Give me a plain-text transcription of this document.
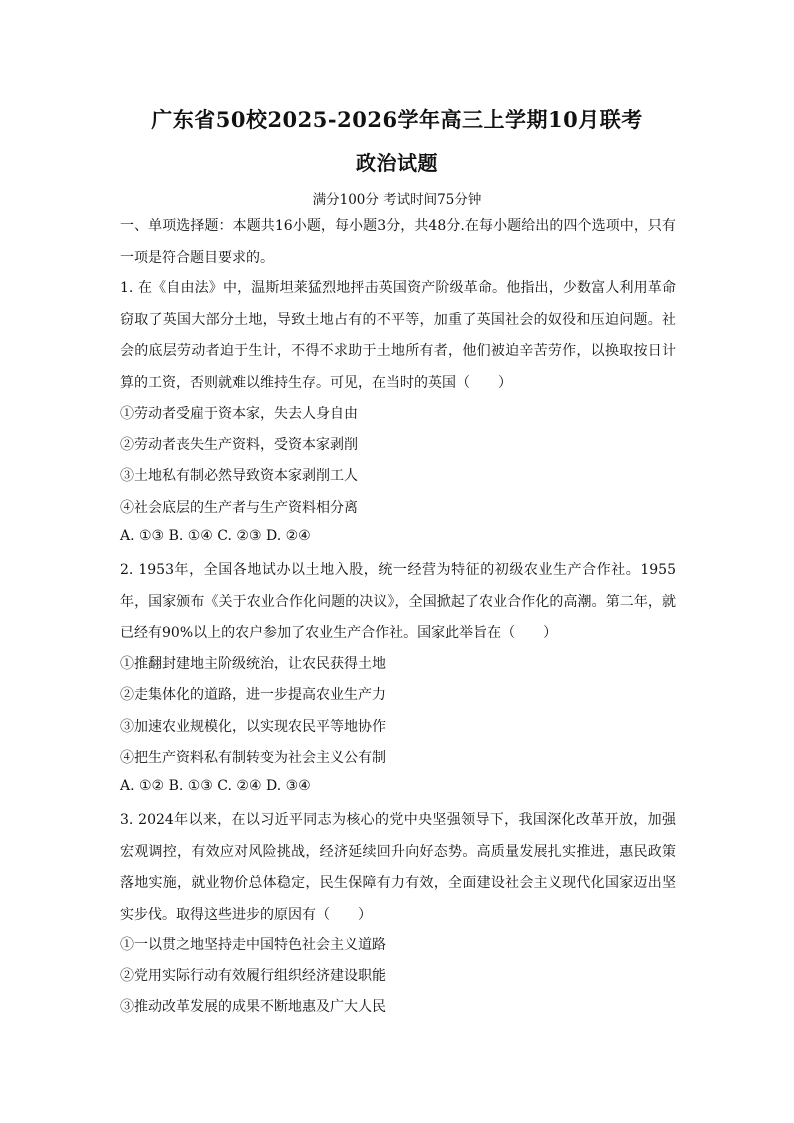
广东省50校2025-2026学年高三上学期10月联考
政治试题
满分100分 考试时间75分钟
一、单项选择题：本题共16小题，每小题3分，共48分.在每小题给出的四个选项中，只有一项是符合题目要求的。
1. 在《自由法》中，温斯坦莱猛烈地抨击英国资产阶级革命。他指出，少数富人利用革命窃取了英国大部分土地，导致土地占有的不平等，加重了英国社会的奴役和压迫问题。社会的底层劳动者迫于生计，不得不求助于土地所有者，他们被迫辛苦劳作，以换取按日计算的工资，否则就难以维持生存。可见，在当时的英国（　　）
①劳动者受雇于资本家，失去人身自由
②劳动者丧失生产资料，受资本家剥削
③土地私有制必然导致资本家剥削工人
④社会底层的生产者与生产资料相分离
A. ①③ B. ①④ C. ②③ D. ②④
2. 1953年，全国各地试办以土地入股，统一经营为特征的初级农业生产合作社。1955年，国家颁布《关于农业合作化问题的决议》，全国掀起了农业合作化的高潮。第二年，就已经有90%以上的农户参加了农业生产合作社。国家此举旨在（　　）
①推翻封建地主阶级统治，让农民获得土地
②走集体化的道路，进一步提高农业生产力
③加速农业规模化，以实现农民平等地协作
④把生产资料私有制转变为社会主义公有制
A. ①② B. ①③ C. ②④ D. ③④
3. 2024年以来，在以习近平同志为核心的党中央坚强领导下，我国深化改革开放，加强宏观调控，有效应对风险挑战，经济延续回升向好态势。高质量发展扎实推进，惠民政策落地实施，就业物价总体稳定，民生保障有力有效，全面建设社会主义现代化国家迈出坚实步伐。取得这些进步的原因有（　　）
①一以贯之地坚持走中国特色社会主义道路
②党用实际行动有效履行组织经济建设职能
③推动改革发展的成果不断地惠及广大人民
